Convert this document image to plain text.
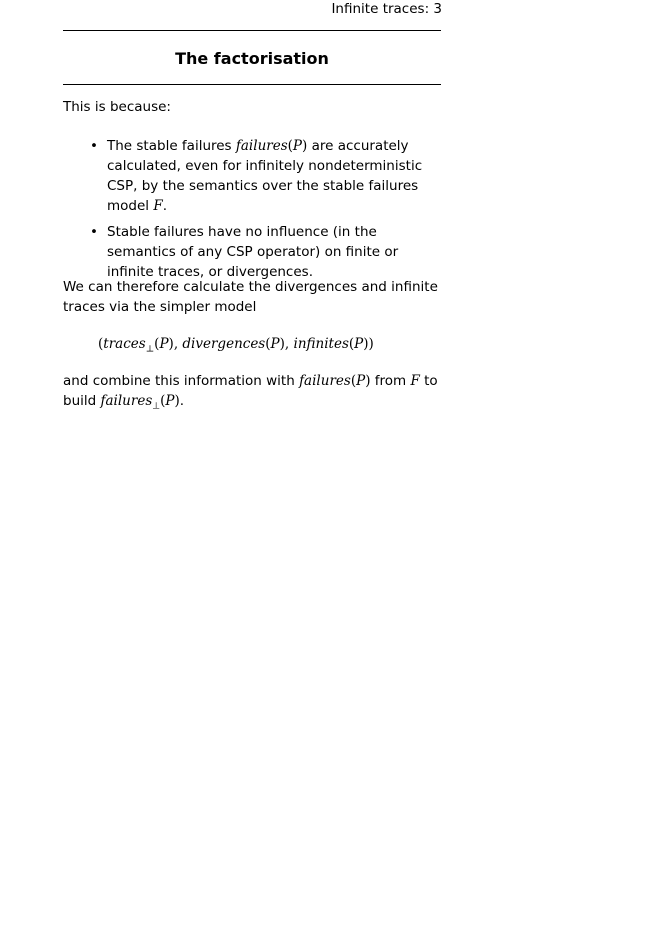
Infinite traces: 3
The factorisation
This is because:
• The stable failures failures(P) are accurately calculated, even for infinitely nondeterministic CSP, by the semantics over the stable failures model F.
• Stable failures have no influence (in the semantics of any CSP operator) on finite or infinite traces, or divergences.
We can therefore calculate the divergences and infinite traces via the simpler model
(traces$_\perp$(P), divergences(P), infinites(P))
and combine this information with failures(P) from F to build failures$_\perp$(P).
